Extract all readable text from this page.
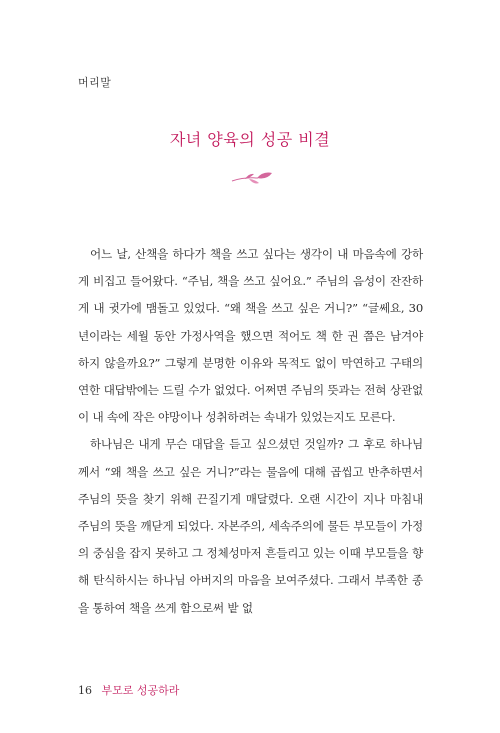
머리말
자녀 양육의 성공 비결

어느 날, 산책을 하다가 책을 쓰고 싶다는 생각이 내 마음속에 강하게 비집고 들어왔다. “주님, 책을 쓰고 싶어요.” 주님의 음성이 잔잔하게 내 귓가에 맴돌고 있었다. “왜 책을 쓰고 싶은 거니?” “글쎄요, 30년이라는 세월 동안 가정사역을 했으면 적어도 책 한 권 쯤은 남겨야 하지 않을까요?” 그렇게 분명한 이유와 목적도 없이 막연하고 구태의연한 대답밖에는 드릴 수가 없었다. 어쩌면 주님의 뜻과는 전혀 상관없이 내 속에 작은 야망이나 성취하려는 속내가 있었는지도 모른다.

하나님은 내게 무슨 대답을 듣고 싶으셨던 것일까? 그 후로 하나님께서 “왜 책을 쓰고 싶은 거니?”라는 물음에 대해 곱씹고 반추하면서 주님의 뜻을 찾기 위해 끈질기게 매달렸다. 오랜 시간이 지나 마침내 주님의 뜻을 깨닫게 되었다. 자본주의, 세속주의에 물든 부모들이 가정의 중심을 잡지 못하고 그 정체성마저 흔들리고 있는 이때 부모들을 향해 탄식하시는 하나님 아버지의 마음을 보여주셨다. 그래서 부족한 종을 통하여 책을 쓰게 함으로써 밭 없

16 부모로 성공하라
